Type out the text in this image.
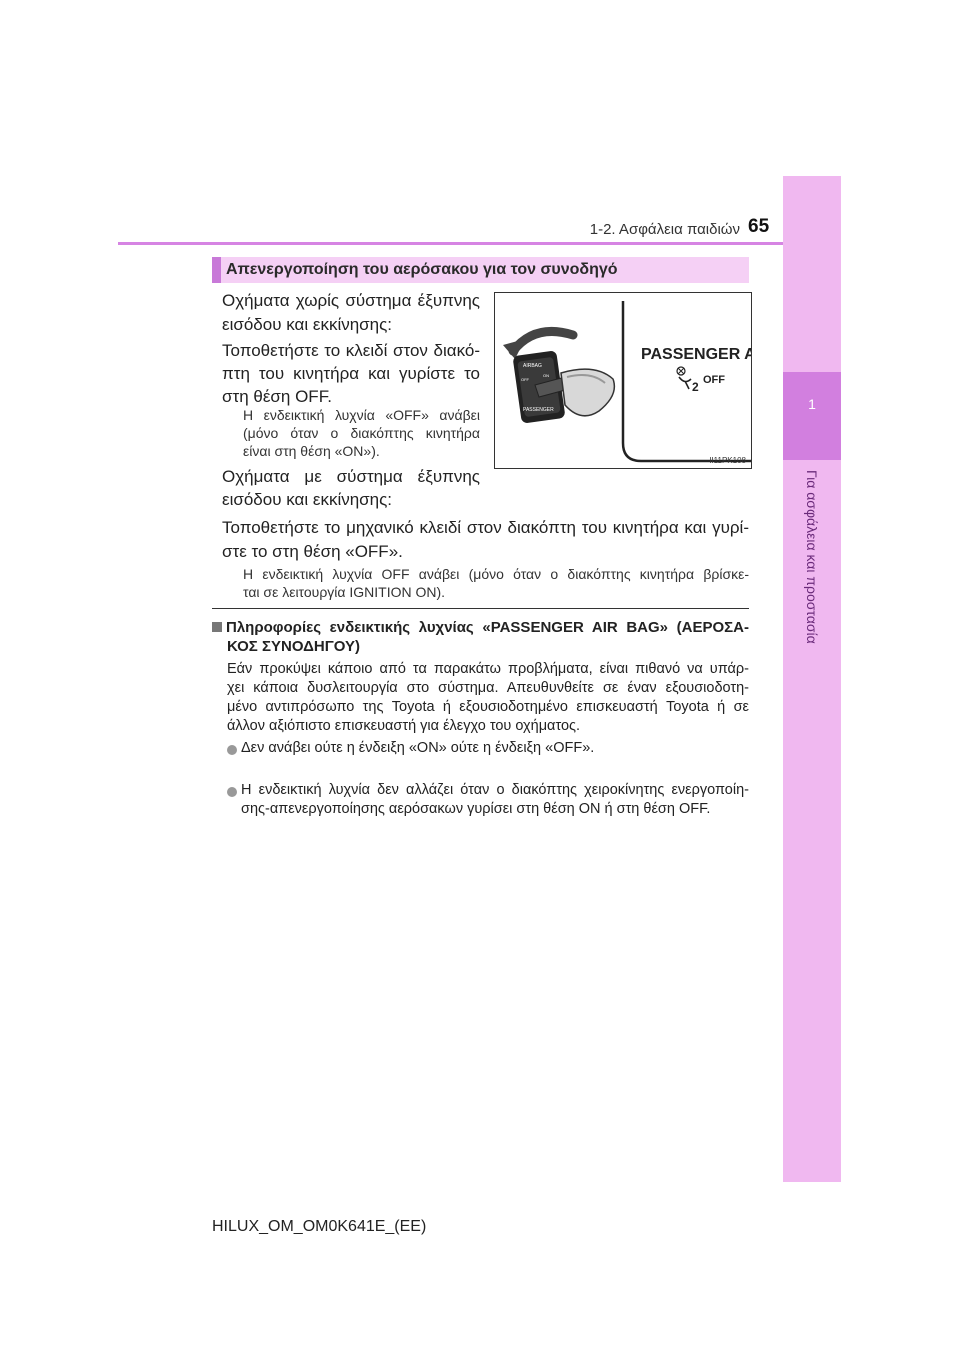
1
Για ασφάλεια και προστασία
1-2. Ασφάλεια παιδιών 65
Απενεργοποίηση του αερόσακου για τον συνοδηγό
Οχήματα χωρίς σύστημα έξυπνης
εισόδου και εκκίνησης:
Τοποθετήστε το κλειδί στον διακό-
πτη του κινητήρα και γυρίστε το
στη θέση OFF.
Η ενδεικτική λυχνία «OFF» ανάβει
(μόνο όταν ο διακόπτης κινητήρα
είναι στη θέση «ON»).
Οχήματα με σύστημα έξυπνης
εισόδου και εκκίνησης:
Τοποθετήστε το μηχανικό κλειδί στον διακόπτη του κινητήρα και γυρί-
στε το στη θέση «OFF».
Η ενδεικτική λυχνία OFF ανάβει (μόνο όταν ο διακόπτης κινητήρα βρίσκε-
ται σε λειτουργία IGNITION ON).
AIRBAG
ON
OFF
PASSENGER
PASSENGER A
2 OFF
II11PK108
Πληροφορίες ενδεικτικής λυχνίας «PASSENGER AIR BAG» (ΑΕΡΟΣΑ-
ΚΟΣ ΣΥΝΟΔΗΓΟΥ)
Εάν προκύψει κάποιο από τα παρακάτω προβλήματα, είναι πιθανό να υπάρ-
χει κάποια δυσλειτουργία στο σύστημα. Απευθυνθείτε σε έναν εξουσιοδοτη-
μένο αντιπρόσωπο της Toyota ή εξουσιοδοτημένο επισκευαστή Toyota ή σε
άλλον αξιόπιστο επισκευαστή για έλεγχο του οχήματος.
Δεν ανάβει ούτε η ένδειξη «ON» ούτε η ένδειξη «OFF».
Η ενδεικτική λυχνία δεν αλλάζει όταν ο διακόπτης χειροκίνητης ενεργοποίη-
σης-απενεργοποίησης αερόσακων γυρίσει στη θέση ON ή στη θέση OFF.
HILUX_OM_OM0K641E_(EE)
